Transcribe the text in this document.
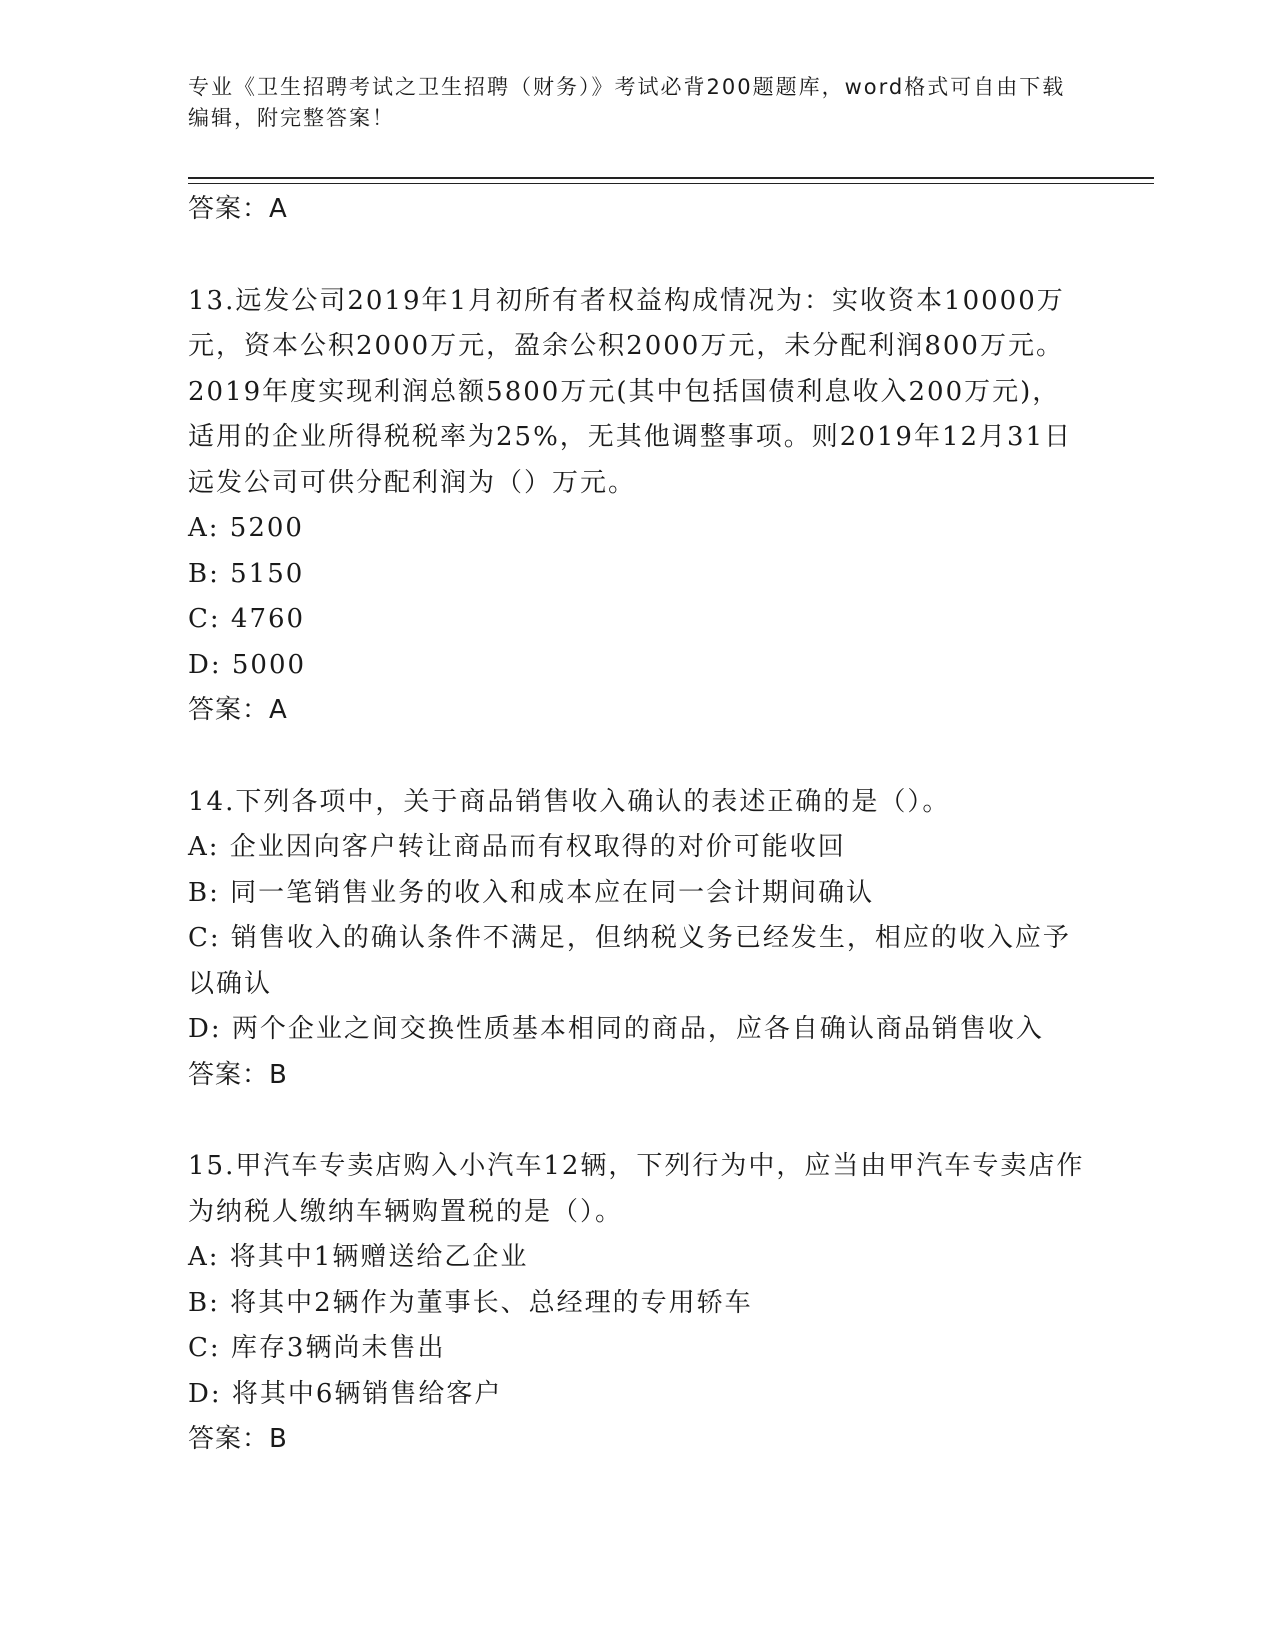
专业《卫生招聘考试之卫生招聘（财务）》考试必背200题题库，word格式可自由下载编辑，附完整答案！
答案：A
13.远发公司2019年1月初所有者权益构成情况为：实收资本10000万元，资本公积2000万元，盈余公积2000万元，未分配利润800万元。2019年度实现利润总额5800万元(其中包括国债利息收入200万元)，适用的企业所得税税率为25%，无其他调整事项。则2019年12月31日远发公司可供分配利润为（）万元。
A: 5200
B: 5150
C: 4760
D: 5000
答案：A
14.下列各项中，关于商品销售收入确认的表述正确的是（）。
A: 企业因向客户转让商品而有权取得的对价可能收回
B: 同一笔销售业务的收入和成本应在同一会计期间确认
C: 销售收入的确认条件不满足，但纳税义务已经发生，相应的收入应予以确认
D: 两个企业之间交换性质基本相同的商品，应各自确认商品销售收入
答案：B
15.甲汽车专卖店购入小汽车12辆，下列行为中，应当由甲汽车专卖店作为纳税人缴纳车辆购置税的是（）。
A: 将其中1辆赠送给乙企业
B: 将其中2辆作为董事长、总经理的专用轿车
C: 库存3辆尚未售出
D: 将其中6辆销售给客户
答案：B
